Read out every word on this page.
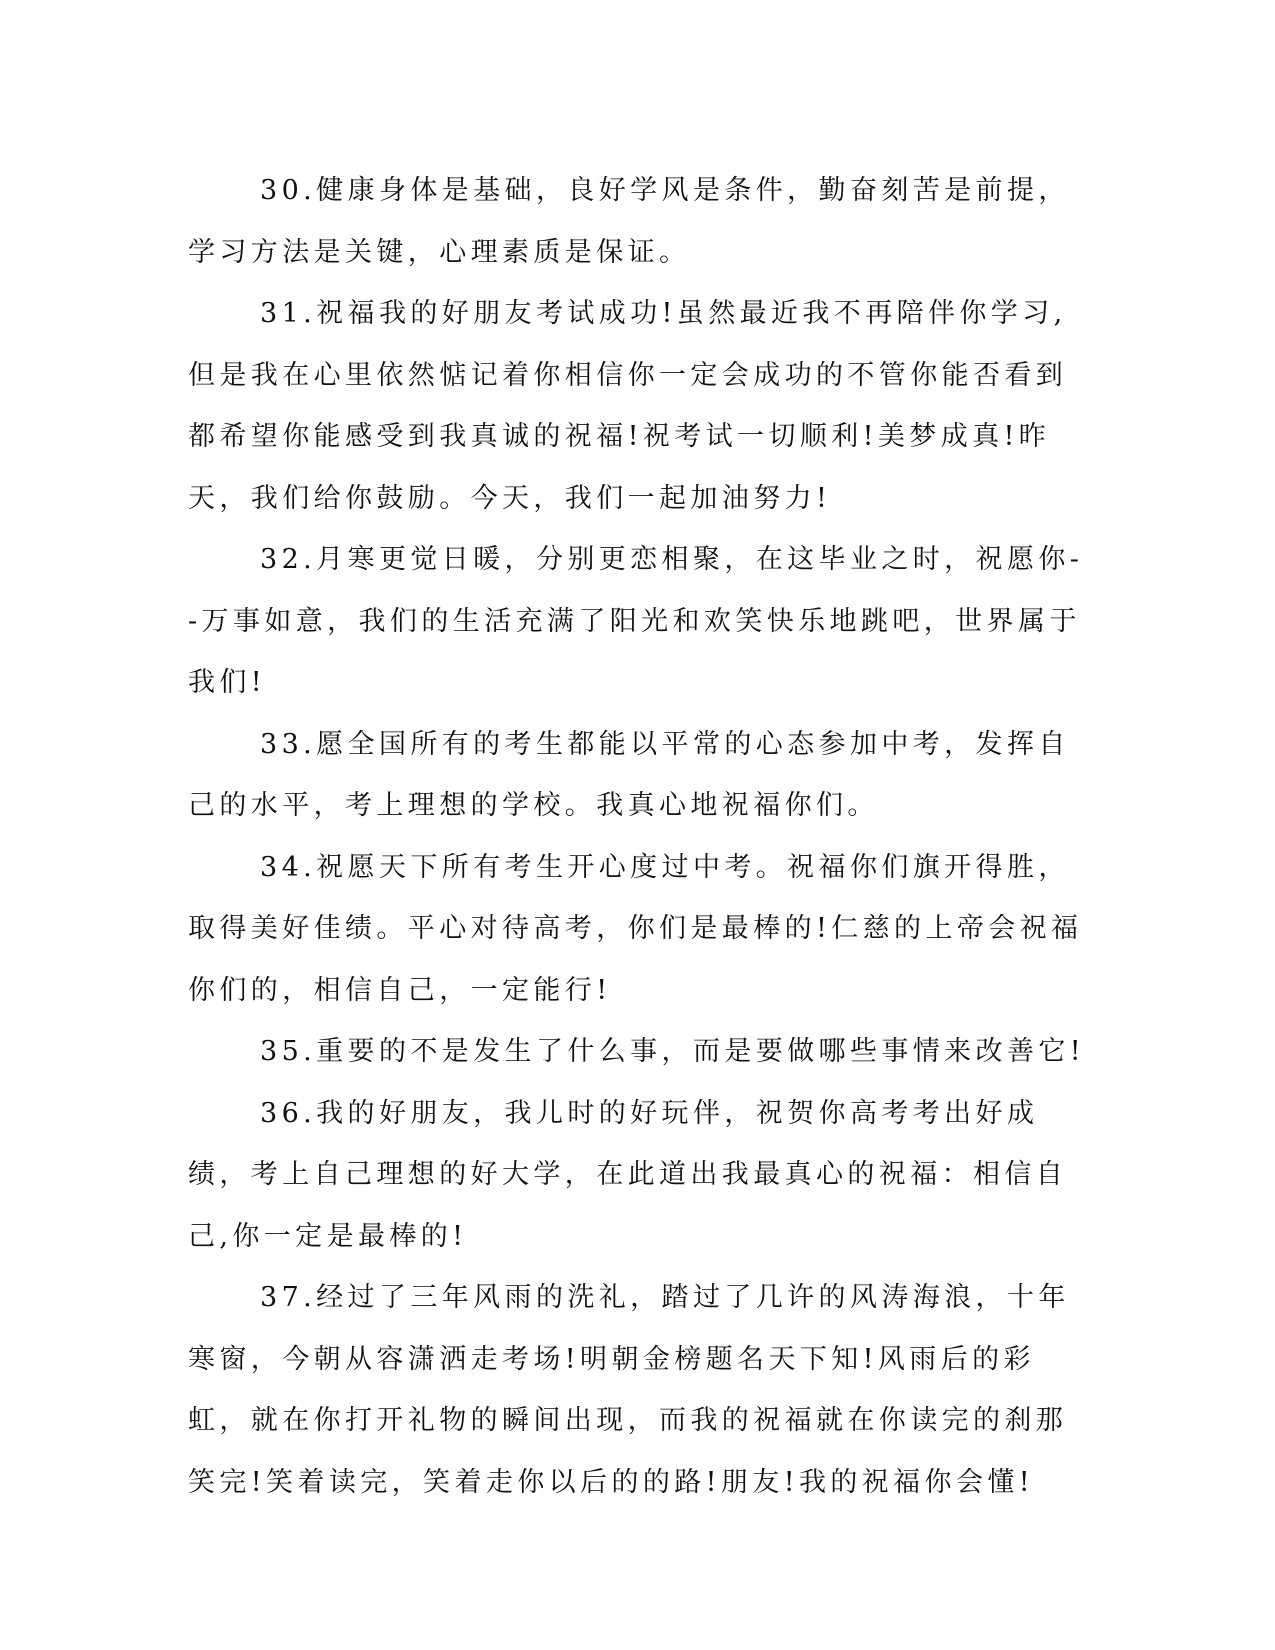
30.健康身体是基础，良好学风是条件，勤奋刻苦是前提，学习方法是关键，心理素质是保证。

31.祝福我的好朋友考试成功!虽然最近我不再陪伴你学习,但是我在心里依然惦记着你相信你一定会成功的不管你能否看到都希望你能感受到我真诚的祝福!祝考试一切顺利!美梦成真!昨天，我们给你鼓励。今天，我们一起加油努力!

32.月寒更觉日暖，分别更恋相聚，在这毕业之时，祝愿你--万事如意，我们的生活充满了阳光和欢笑快乐地跳吧，世界属于我们!

33.愿全国所有的考生都能以平常的心态参加中考，发挥自己的水平，考上理想的学校。我真心地祝福你们。

34.祝愿天下所有考生开心度过中考。祝福你们旗开得胜，取得美好佳绩。平心对待高考，你们是最棒的!仁慈的上帝会祝福你们的，相信自己，一定能行!

35.重要的不是发生了什么事，而是要做哪些事情来改善它!

36.我的好朋友，我儿时的好玩伴，祝贺你高考考出好成绩，考上自己理想的好大学，在此道出我最真心的祝福：相信自己,你一定是最棒的!

37.经过了三年风雨的洗礼，踏过了几许的风涛海浪，十年寒窗，今朝从容潇洒走考场!明朝金榜题名天下知!风雨后的彩虹，就在你打开礼物的瞬间出现，而我的祝福就在你读完的刹那笑完!笑着读完，笑着走你以后的的路!朋友!我的祝福你会懂!
